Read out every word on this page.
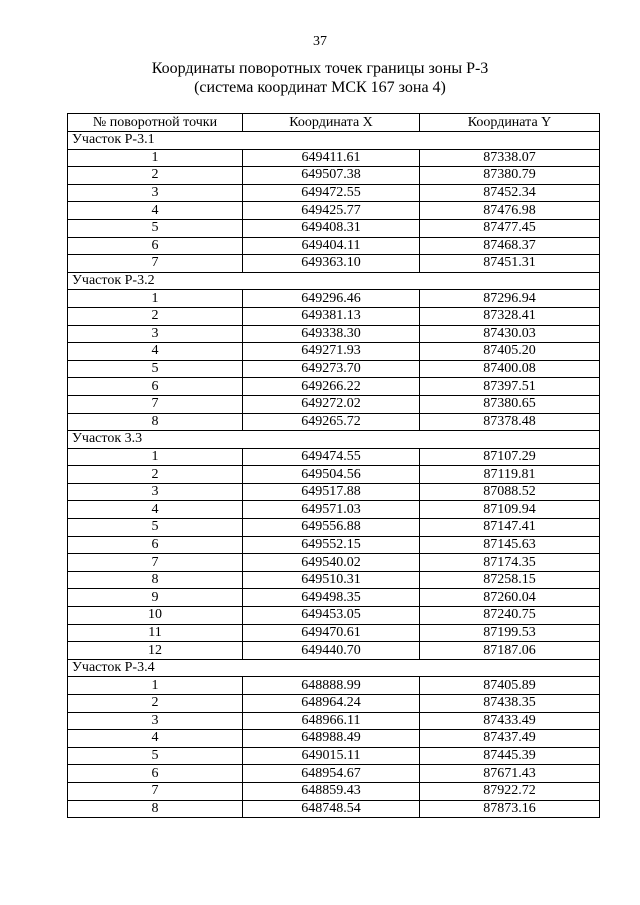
37
Координаты поворотных точек границы зоны Р-3
(система координат МСК 167 зона 4)
№ поворотной точки	Координата X	Координата Y
Участок Р-3.1		
1	649411.61	87338.07
2	649507.38	87380.79
3	649472.55	87452.34
4	649425.77	87476.98
5	649408.31	87477.45
6	649404.11	87468.37
7	649363.10	87451.31
Участок Р-3.2		
1	649296.46	87296.94
2	649381.13	87328.41
3	649338.30	87430.03
4	649271.93	87405.20
5	649273.70	87400.08
6	649266.22	87397.51
7	649272.02	87380.65
8	649265.72	87378.48
Участок 3.3		
1	649474.55	87107.29
2	649504.56	87119.81
3	649517.88	87088.52
4	649571.03	87109.94
5	649556.88	87147.41
6	649552.15	87145.63
7	649540.02	87174.35
8	649510.31	87258.15
9	649498.35	87260.04
10	649453.05	87240.75
11	649470.61	87199.53
12	649440.70	87187.06
Участок Р-3.4		
1	648888.99	87405.89
2	648964.24	87438.35
3	648966.11	87433.49
4	648988.49	87437.49
5	649015.11	87445.39
6	648954.67	87671.43
7	648859.43	87922.72
8	648748.54	87873.16
